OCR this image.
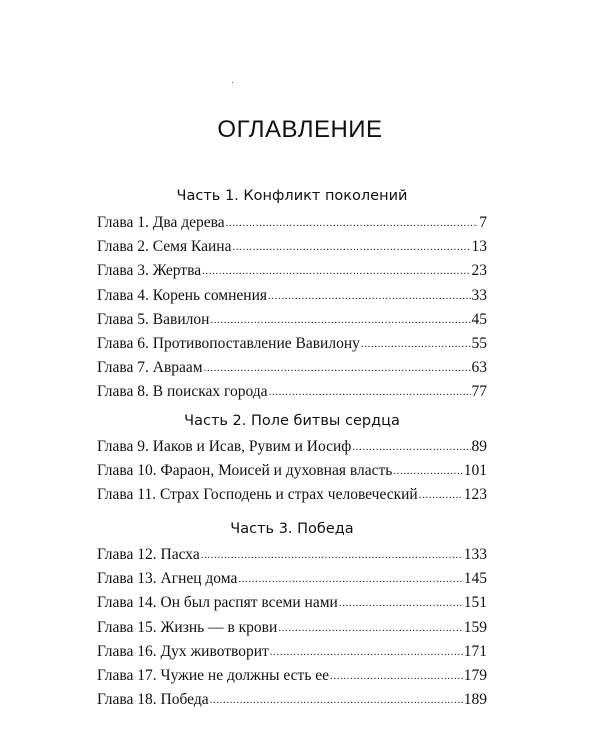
ОГЛАВЛЕНИЕ
Часть 1. Конфликт поколений
Глава 1. Два дерева .....	7
Глава 2. Семя Каина .....	13
Глава 3. Жертва .....	23
Глава 4. Корень сомнения .....	33
Глава 5. Вавилон .....	45
Глава 6. Противопоставление Вавилону .....	55
Глава 7. Авраам .....	63
Глава 8. В поисках города .....	77
Часть 2. Поле битвы сердца
Глава 9. Иаков и Исав, Рувим и Иосиф .....	89
Глава 10. Фараон, Моисей и духовная власть .....	101
Глава 11. Страх Господень и страх человеческий .....	123
Часть 3. Победа
Глава 12. Пасха .....	133
Глава 13. Агнец дома .....	145
Глава 14. Он был распят всеми нами .....	151
Глава 15. Жизнь — в крови .....	159
Глава 16. Дух животворит .....	171
Глава 17. Чужие не должны есть ее .....	179
Глава 18. Победа .....	189
